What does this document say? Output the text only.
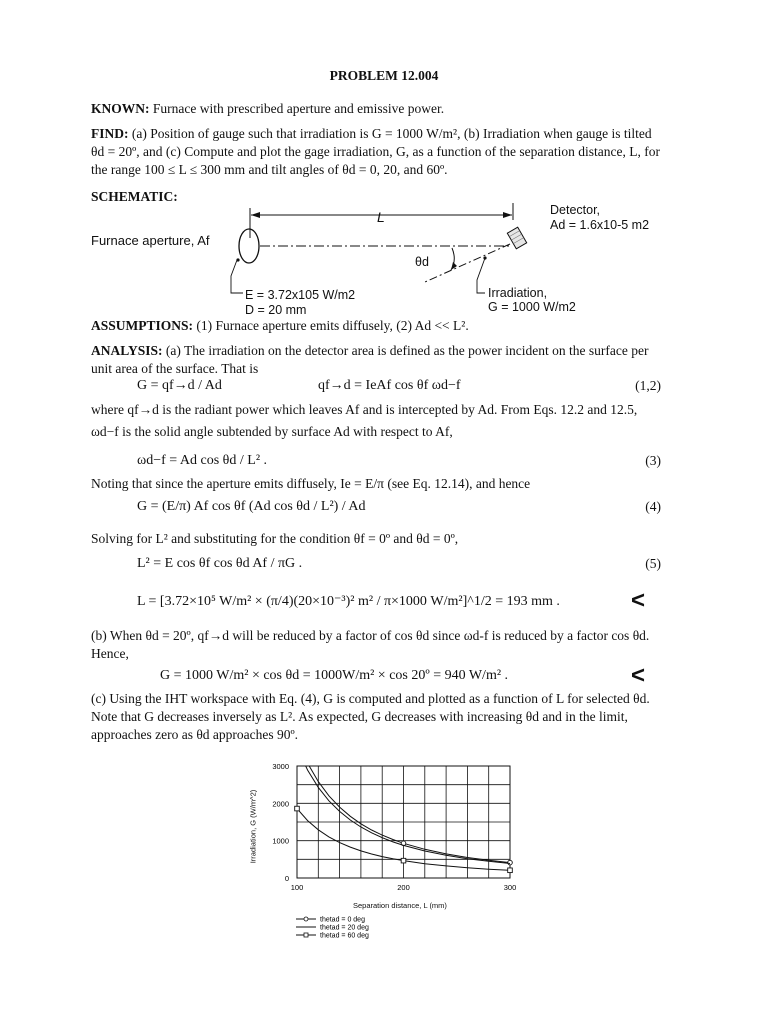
PROBLEM 12.004
KNOWN: Furnace with prescribed aperture and emissive power.
FIND: (a) Position of gauge such that irradiation is G = 1000 W/m², (b) Irradiation when gauge is tilted
θd = 20º, and (c) Compute and plot the gage irradiation, G, as a function of the separation distance, L, for
the range 100 ≤ L ≤ 300 mm and tilt angles of θd = 0, 20, and 60º.
SCHEMATIC:
Furnace aperture, Af
L	Detector,
Ad = 1.6x10-5 m2
θd
E = 3.72x105 W/m2
D = 20 mm
Irradiation,
G = 1000 W/m2
ASSUMPTIONS: (1) Furnace aperture emits diffusely, (2) Ad << L².
ANALYSIS: (a) The irradiation on the detector area is defined as the power incident on the surface per
unit area of the surface. That is
G = qf→d / Ad	qf→d = IeAf cos θf ωd−f	(1,2)
where qf→d is the radiant power which leaves Af and is intercepted by Ad. From Eqs. 12.2 and 12.5,
ωd−f is the solid angle subtended by surface Ad with respect to Af,
ωd−f = Ad cos θd / L² .	(3)
Noting that since the aperture emits diffusely, Ie = E/π (see Eq. 12.14), and hence
G = (E/π) Af cos θf (Ad cos θd / L²) / Ad	(4)
Solving for L² and substituting for the condition θf = 0º and θd = 0º,
L² = E cos θf cos θd Af / πG .	(5)
L = [3.72×10⁵ W/m² × (π/4)(20×10⁻³)² m² / π×1000 W/m²]^1/2 = 193 mm .	<
(b) When θd = 20º, qf→d will be reduced by a factor of cos θd since ωd-f is reduced by a factor cos θd.
Hence,
G = 1000 W/m² × cos θd = 1000W/m² × cos 20º = 940 W/m² .	<
(c) Using the IHT workspace with Eq. (4), G is computed and plotted as a function of L for selected θd.
Note that G decreases inversely as L². As expected, G decreases with increasing θd and in the limit,
approaches zero as θd approaches 90º.
100	200	300
0
1000
2000
3000
thetad = 0 deg
thetad = 20 deg
thetad = 60 deg
Separation distance, L (mm)
Irradiation, G (W/m^2)
